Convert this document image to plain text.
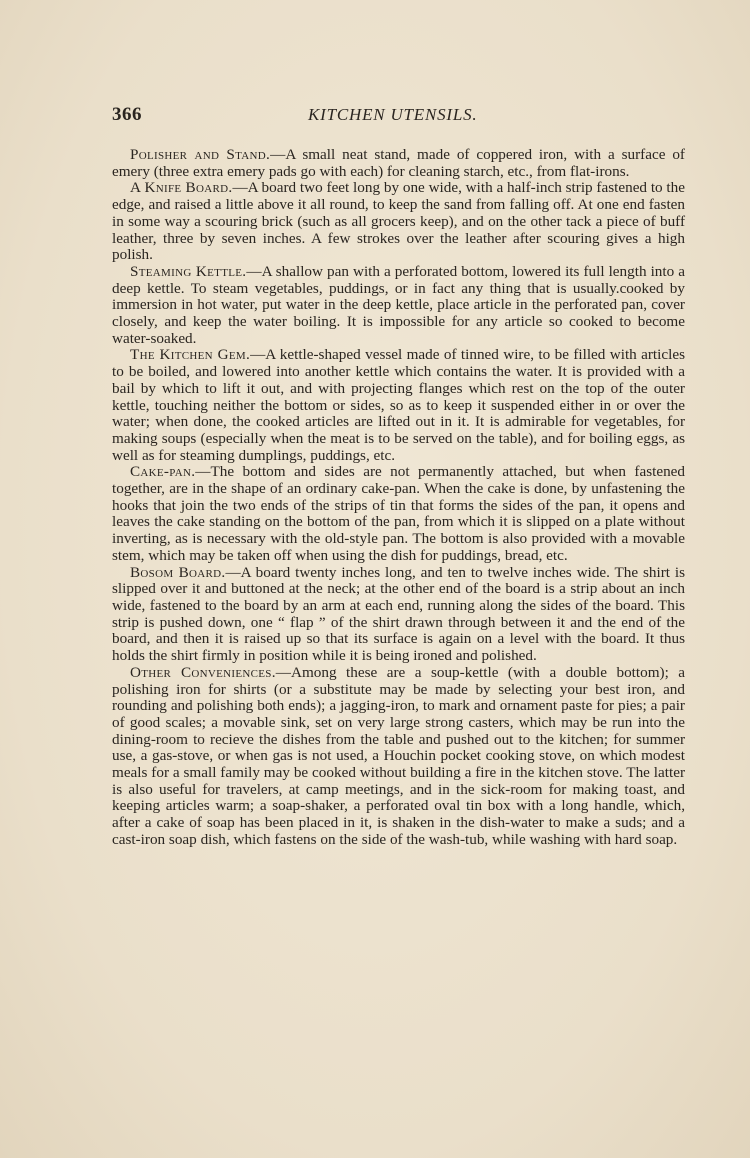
366	KITCHEN UTENSILS.

Polisher and Stand.—A small neat stand, made of coppered iron, with a surface of emery (three extra emery pads go with each) for cleaning starch, etc., from flat-irons.

A Knife Board.—A board two feet long by one wide, with a half-inch strip fastened to the edge, and raised a little above it all round, to keep the sand from falling off. At one end fasten in some way a scouring brick (such as all grocers keep), and on the other tack a piece of buff leather, three by seven inches. A few strokes over the leather after scouring gives a high polish.

Steaming Kettle.—A shallow pan with a perforated bottom, lowered its full length into a deep kettle. To steam vegetables, puddings, or in fact any thing that is usually.cooked by immersion in hot water, put water in the deep kettle, place article in the perforated pan, cover closely, and keep the water boiling. It is impossible for any article so cooked to become water-soaked.

The Kitchen Gem.—A kettle-shaped vessel made of tinned wire, to be filled with articles to be boiled, and lowered into another kettle which contains the water. It is provided with a bail by which to lift it out, and with projecting flanges which rest on the top of the outer kettle, touching neither the bottom or sides, so as to keep it suspended either in or over the water; when done, the cooked articles are lifted out in it. It is admirable for vegetables, for making soups (especially when the meat is to be served on the table), and for boiling eggs, as well as for steaming dumplings, puddings, etc.

Cake-pan.—The bottom and sides are not permanently attached, but when fastened together, are in the shape of an ordinary cake-pan. When the cake is done, by unfastening the hooks that join the two ends of the strips of tin that forms the sides of the pan, it opens and leaves the cake standing on the bottom of the pan, from which it is slipped on a plate without inverting, as is necessary with the old-style pan. The bottom is also provided with a movable stem, which may be taken off when using the dish for puddings, bread, etc.

Bosom Board.—A board twenty inches long, and ten to twelve inches wide. The shirt is slipped over it and buttoned at the neck; at the other end of the board is a strip about an inch wide, fastened to the board by an arm at each end, running along the sides of the board. This strip is pushed down, one “ flap ” of the shirt drawn through between it and the end of the board, and then it is raised up so that its surface is again on a level with the board. It thus holds the shirt firmly in position while it is being ironed and polished.

Other Conveniences.—Among these are a soup-kettle (with a double bottom); a polishing iron for shirts (or a substitute may be made by selecting your best iron, and rounding and polishing both ends); a jagging-iron, to mark and ornament paste for pies; a pair of good scales; a movable sink, set on very large strong casters, which may be run into the dining-room to recieve the dishes from the table and pushed out to the kitchen; for summer use, a gas-stove, or when gas is not used, a Houchin pocket cooking stove, on which modest meals for a small family may be cooked without building a fire in the kitchen stove. The latter is also useful for travelers, at camp meetings, and in the sick-room for making toast, and keeping articles warm; a soap-shaker, a perforated oval tin box with a long handle, which, after a cake of soap has been placed in it, is shaken in the dish-water to make a suds; and a cast-iron soap dish, which fastens on the side of the wash-tub, while washing with hard soap.
